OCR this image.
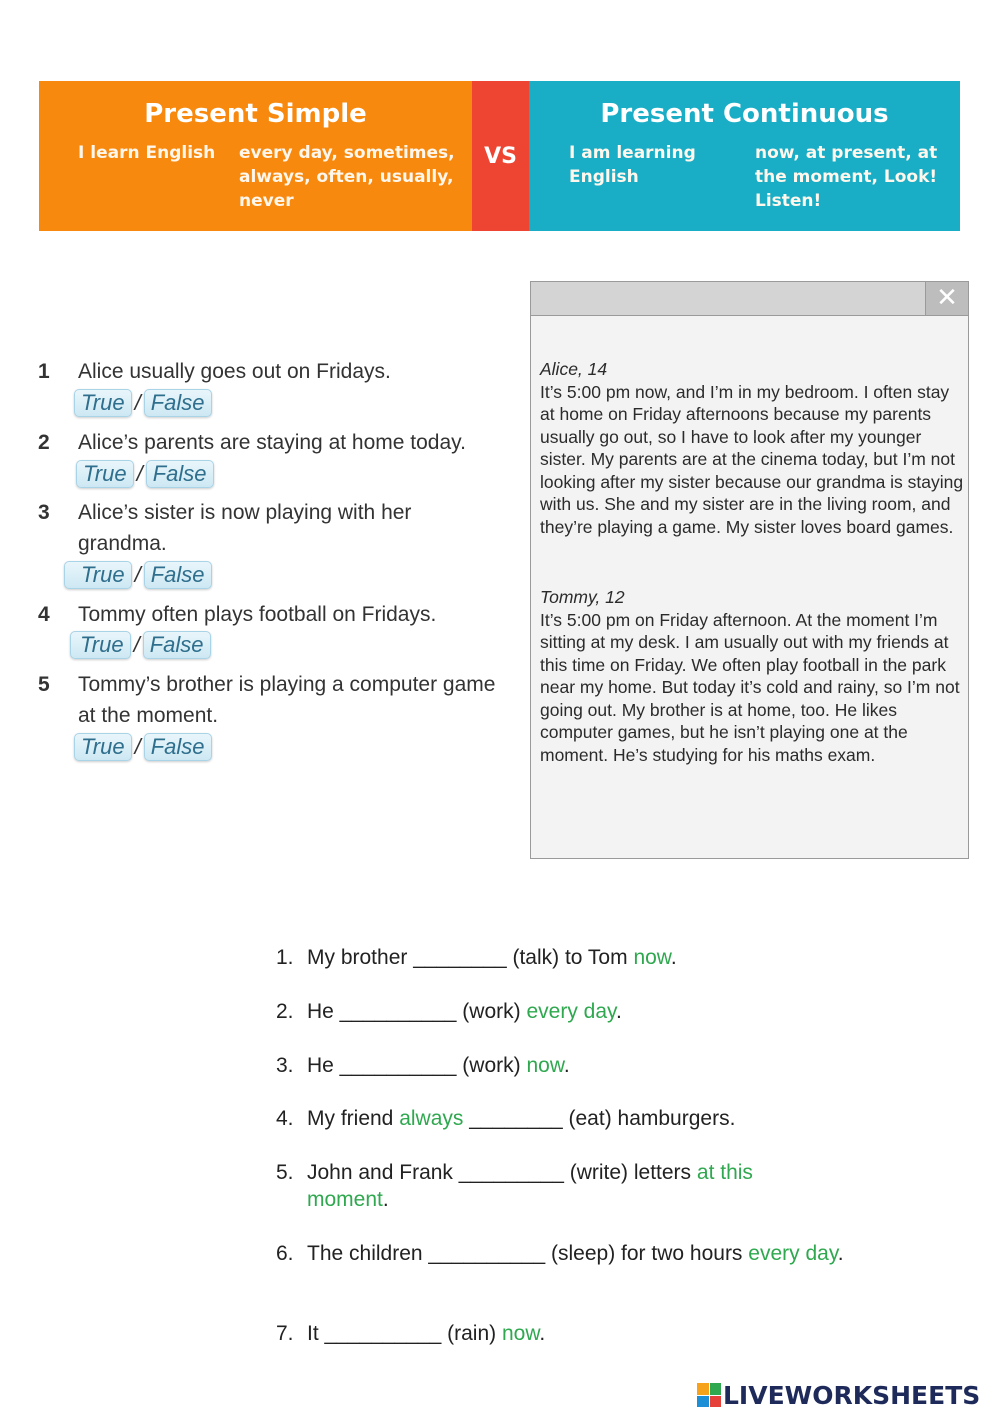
Present Simple
I learn English every day, sometimes, always, often, usually, never
VS
Present Continuous
I am learning English
now, at present, at the moment, Look! Listen!
1 Alice usually goes out on Fridays.
True / False
2 Alice’s parents are staying at home today.
True / False
3 Alice’s sister is now playing with her grandma.
True / False
4 Tommy often plays football on Fridays.
True / False
5 Tommy’s brother is playing a computer game at the moment.
True / False
✕
Alice, 14
It’s 5:00 pm now, and I’m in my bedroom. I often stay at home on Friday afternoons because my parents usually go out, so I have to look after my younger sister. My parents are at the cinema today, but I’m not looking after my sister because our grandma is staying with us. She and my sister are in the living room, and they’re playing a game. My sister loves board games.
Tommy, 12
It’s 5:00 pm on Friday afternoon. At the moment I’m sitting at my desk. I am usually out with my friends at this time on Friday. We often play football in the park near my home. But today it’s cold and rainy, so I’m not going out. My brother is at home, too. He likes computer games, but he isn’t playing one at the moment. He’s studying for his maths exam.
1. My brother ________ (talk) to Tom now.
2. He __________ (work) every day.
3. He __________ (work) now.
4. My friend always ________ (eat) hamburgers.
5. John and Frank _________ (write) letters at this moment.
6. The children __________ (sleep) for two hours every day.
7. It __________ (rain) now.
LIVEWORKSHEETS
